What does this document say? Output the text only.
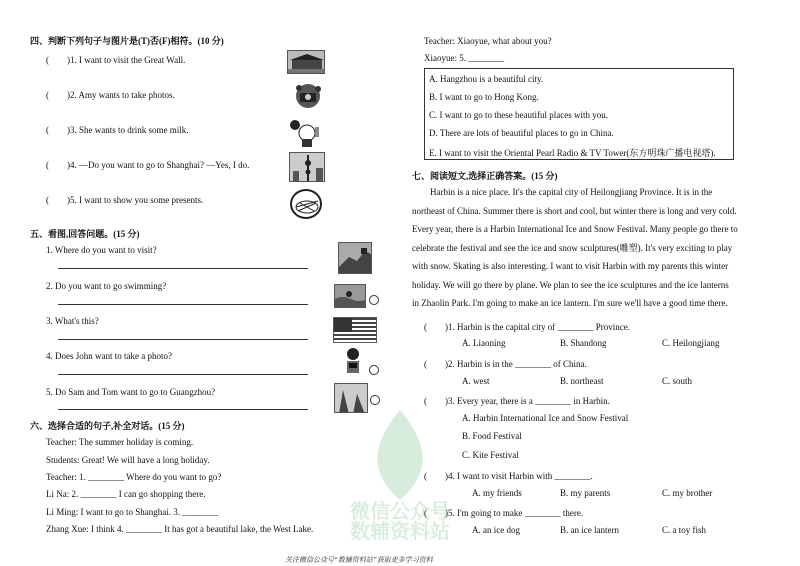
四、判断下列句子与图片是(T)否(F)相符。(10 分)
(　　)1. I want to visit the Great Wall.
(　　)2. Amy wants to take photos.
(　　)3. She wants to drink some milk.
(　　)4. —Do you want to go to Shanghai? —Yes, I do.
(　　)5. I want to show you some presents.
五、看图,回答问题。(15 分)
1. Where do you want to visit?
2. Do you want to go swimming?
3. What's this?
4. Does John want to take a photo?
5. Do Sam and Tom want to go to Guangzhou?
六、选择合适的句子,补全对话。(15 分)
Teacher: The summer holiday is coming.
Students: Great! We will have a long holiday.
Teacher: 1. ________ Where do you want to go?
Li Na: 2. ________ I can go shopping there.
Li Ming: I want to go to Shanghai. 3. ________
Zhang Xue: I think 4. ________ It has got a beautiful lake, the West Lake.
Teacher: Xiaoyue, what about you?
Xiaoyue: 5. ________
A. Hangzhou is a beautiful city.
B. I want to go to Hong Kong.
C. I want to go to these beautiful places with you.
D. There are lots of beautiful places to go in China.
E. I want to visit the Oriental Pearl Radio & TV Tower(东方明珠广播电视塔).
七、阅读短文,选择正确答案。(15 分)
Harbin is a nice place. It's the capital city of Heilongjiang Province. It is in the
northeast of China. Summer there is short and cool, but winter there is long and very cold.
Every year, there is a Harbin International Ice and Snow Festival. Many people go there to
celebrate the festival and see the ice and snow sculptures(雕塑). It's very exciting to play
with snow. Skating is also interesting. I want to visit Harbin with my parents this winter
holiday. We will go there by plane. We plan to see the ice sculptures and the ice lanterns
in Zhaolin Park. I'm going to make an ice lantern. I'm sure we'll have a good time there.
(　　)1. Harbin is the capital city of ________ Province.
A. Liaoning	B. Shandong	C. Heilongjiang
(　　)2. Harbin is in the ________ of China.
A. west	B. northeast	C. south
(　　)3. Every year, there is a ________ in Harbin.
A. Harbin International Ice and Snow Festival
B. Food Festival
C. Kite Festival
(　　)4. I want to visit Harbin with ________.
A. my friends	B. my parents	C. my brother
(　　)5. I'm going to make ________ there.
A. an ice dog	B. an ice lantern	C. a toy fish
微信公众号
数辅资料站
关注微信公众号“数辅资料站”获取更多学习资料
